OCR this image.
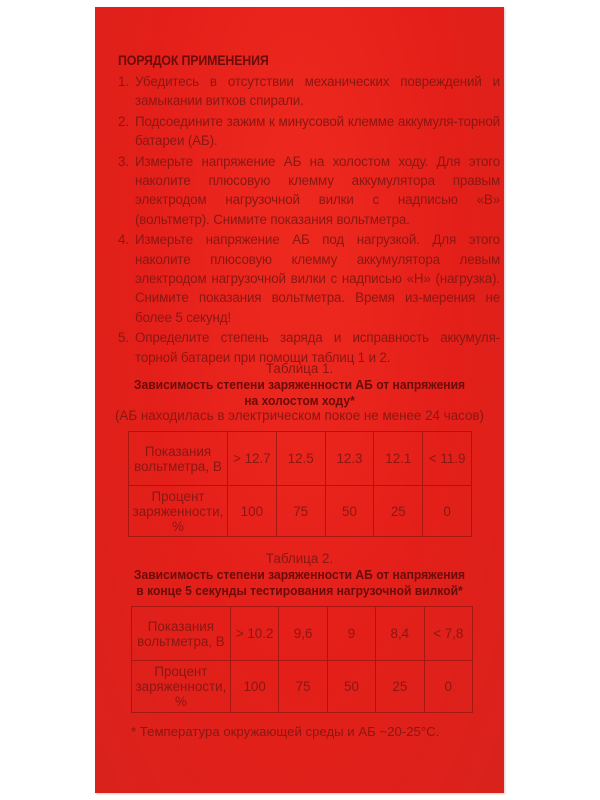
ПОРЯДОК ПРИМЕНЕНИЯ
1. Убедитесь в отсутствии механических повреждений и замыкании витков спирали.
2. Подсоедините зажим к минусовой клемме аккумуля-торной батареи (АБ).
3. Измерьте напряжение АБ на холостом ходу. Для этого наколите плюсовую клемму аккумулятора правым электродом нагрузочной вилки с надписью «В» (вольтметр). Снимите показания вольтметра.
4. Измерьте напряжение АБ под нагрузкой. Для этого наколите плюсовую клемму аккумулятора левым электродом нагрузочной вилки с надписью «Н» (нагрузка). Снимите показания вольтметра. Время из-мерения не более 5 секунд!
5. Определите степень заряда и исправность аккумуля-торной батареи при помощи таблиц 1 и 2.
Таблица 1.
Зависимость степени заряженности АБ от напряжения
на холостом ходу*
(АБ находилась в электрическом покое не менее 24 часов)
Показания вольтметра, В	> 12.7	12.5	12.3	12.1	< 11.9
Процент заряженности, %	100	75	50	25	0
Таблица 2.
Зависимость степени заряженности АБ от напряжения
в конце 5 секунды тестирования нагрузочной вилкой*
Показания вольтметра, В	> 10.2	9,6	9	8,4	< 7,8
Процент заряженности, %	100	75	50	25	0
* Температура окружающей среды и АБ ~20-25°С.
